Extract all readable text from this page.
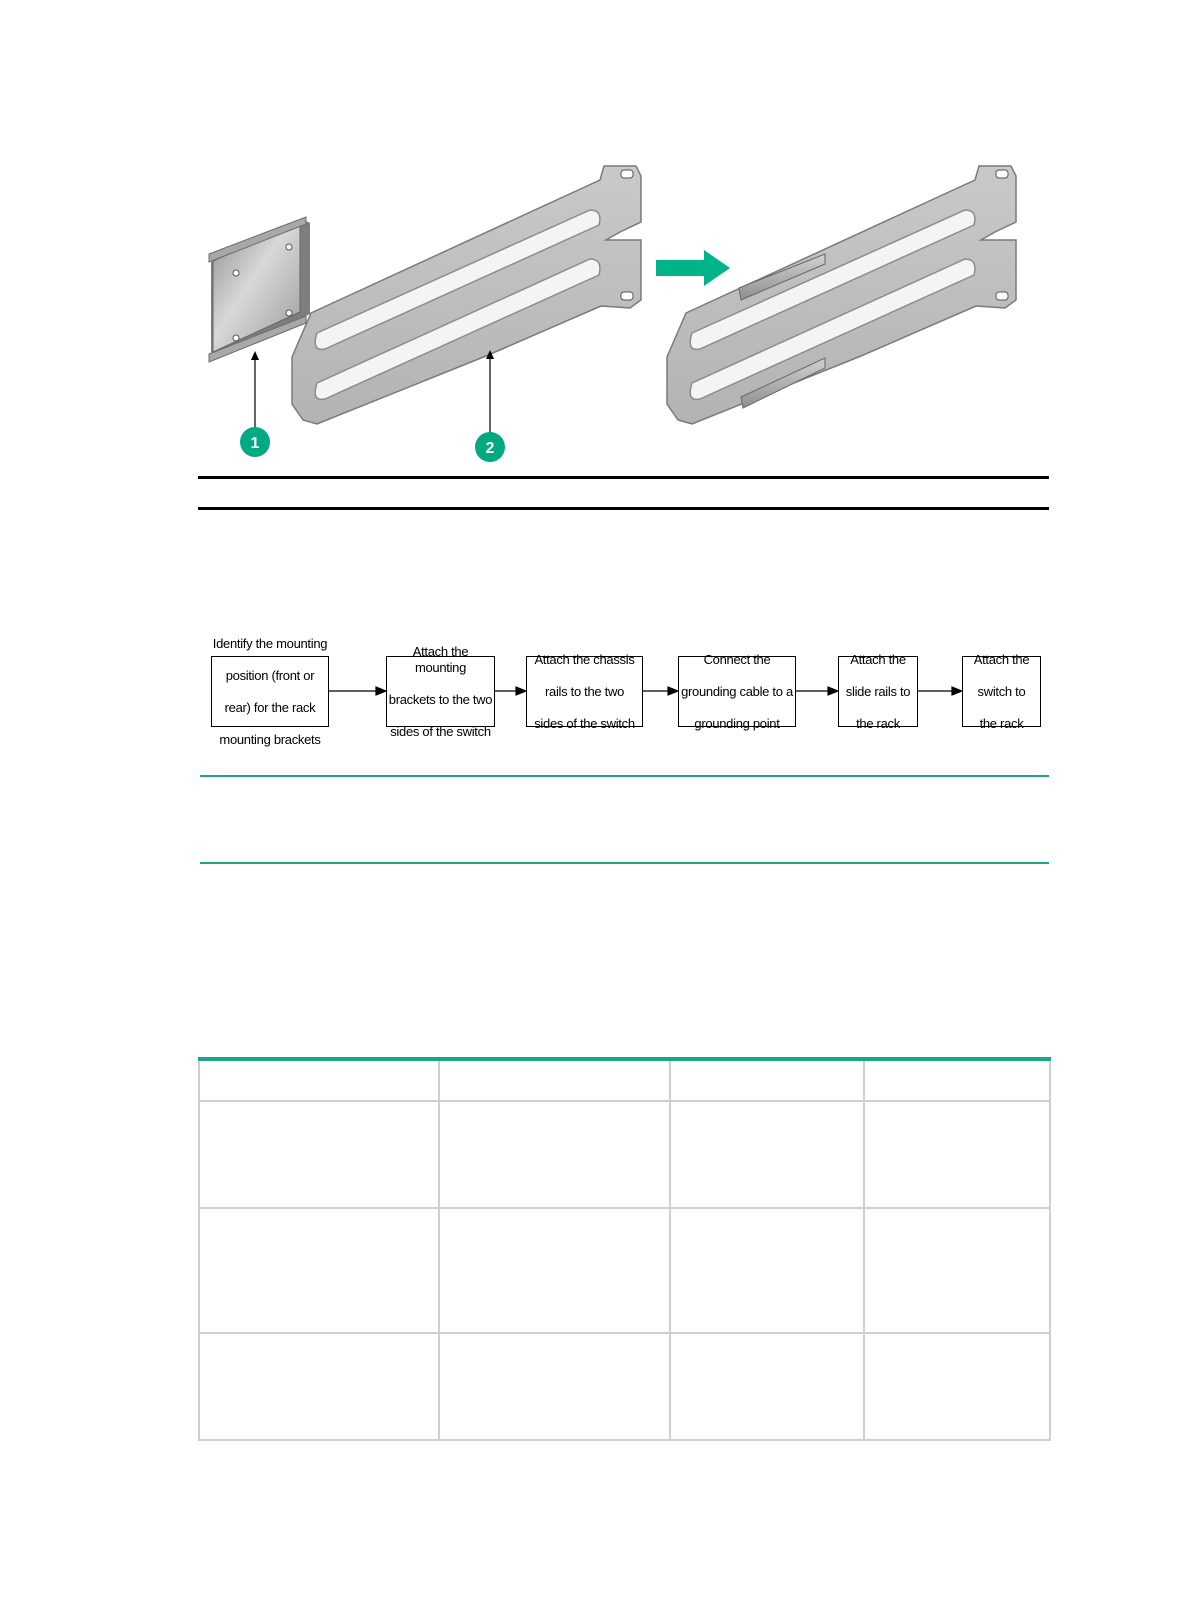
1	2

Identify the mounting

position (front or

rear) for the rack

mounting brackets

Attach the mounting

brackets to the two

sides of the switch

Attach the chassis

rails to the two

sides of the switch

Connect the

grounding cable to a

grounding point

Attach the

slide rails to

the rack

Attach the

switch to

the rack
